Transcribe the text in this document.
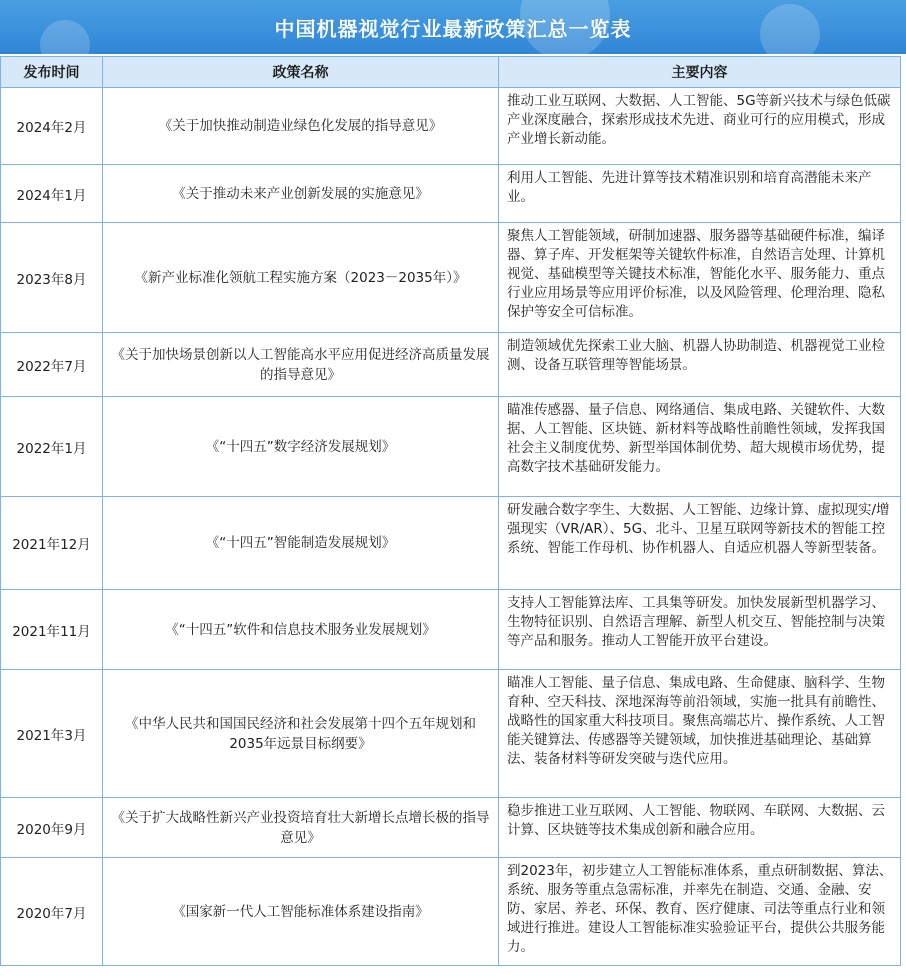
中国机器视觉行业最新政策汇总一览表
发布时间	政策名称	主要内容
2024年2月	《关于加快推动制造业绿色化发展的指导意见》	推动工业互联网、大数据、人工智能、5G等新兴技术与绿色低碳产业深度融合，探索形成技术先进、商业可行的应用模式，形成产业增长新动能。
2024年1月	《关于推动未来产业创新发展的实施意见》	利用人工智能、先进计算等技术精准识别和培育高潜能未来产业。
2023年8月	《新产业标准化领航工程实施方案（2023－2035年）》	聚焦人工智能领域，研制加速器、服务器等基础硬件标准，编译器、算子库、开发框架等关键软件标准，自然语言处理、计算机视觉、基础模型等关键技术标准，智能化水平、服务能力、重点行业应用场景等应用评价标准，以及风险管理、伦理治理、隐私保护等安全可信标准。
2022年7月	《关于加快场景创新以人工智能高水平应用促进经济高质量发展的指导意见》	制造领域优先探索工业大脑、机器人协助制造、机器视觉工业检测、设备互联管理等智能场景。
2022年1月	《“十四五”数字经济发展规划》	瞄准传感器、量子信息、网络通信、集成电路、关键软件、大数据、人工智能、区块链、新材料等战略性前瞻性领域，发挥我国社会主义制度优势、新型举国体制优势、超大规模市场优势，提高数字技术基础研发能力。
2021年12月	《“十四五”智能制造发展规划》	研发融合数字孪生、大数据、人工智能、边缘计算、虚拟现实/增强现实（VR/AR）、5G、北斗、卫星互联网等新技术的智能工控系统、智能工作母机、协作机器人、自适应机器人等新型装备。
2021年11月	《“十四五”软件和信息技术服务业发展规划》	支持人工智能算法库、工具集等研发。加快发展新型机器学习、生物特征识别、自然语言理解、新型人机交互、智能控制与决策等产品和服务。推动人工智能开放平台建设。
2021年3月	《中华人民共和国国民经济和社会发展第十四个五年规划和2035年远景目标纲要》	瞄准人工智能、量子信息、集成电路、生命健康、脑科学、生物育种、空天科技、深地深海等前沿领域，实施一批具有前瞻性、战略性的国家重大科技项目。聚焦高端芯片、操作系统、人工智能关键算法、传感器等关键领域，加快推进基础理论、基础算法、装备材料等研发突破与迭代应用。
2020年9月	《关于扩大战略性新兴产业投资培育壮大新增长点增长极的指导意见》	稳步推进工业互联网、人工智能、物联网、车联网、大数据、云计算、区块链等技术集成创新和融合应用。
2020年7月	《国家新一代人工智能标准体系建设指南》	到2023年，初步建立人工智能标准体系，重点研制数据、算法、系统、服务等重点急需标准，并率先在制造、交通、金融、安防、家居、养老、环保、教育、医疗健康、司法等重点行业和领域进行推进。建设人工智能标准实验验证平台，提供公共服务能力。
